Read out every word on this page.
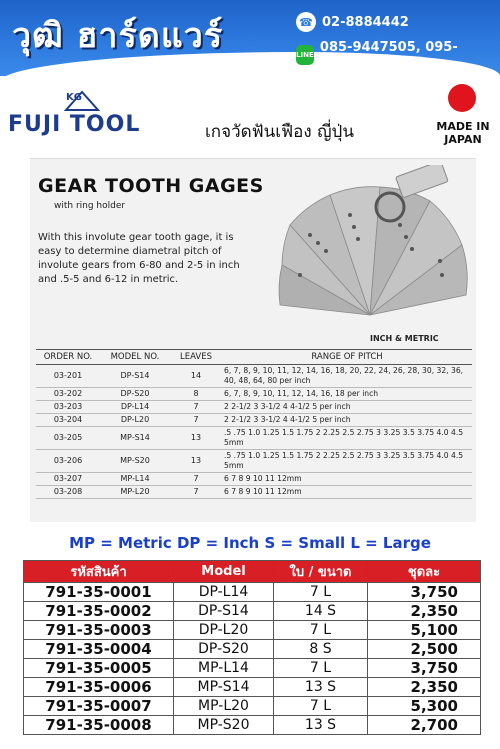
วุฒิ ฮาร์ดแวร์	☎ 02-8884442
LINE 085-9447505, 095-5064680
KG
FUJI TOOL	เกจวัดฟันเฟือง ญี่ปุ่น	MADE IN
JAPAN
GEAR TOOTH GAGES
with ring holder
With this involute gear tooth gage, it is easy to determine diametral pitch of involute gears from 6-80 and 2-5 in inch and .5-5 and 6-12 in metric.
INCH & METRIC
ORDER NO.	MODEL NO.	LEAVES	RANGE OF PITCH
03-201	DP-S14	14	6, 7, 8, 9, 10, 11, 12, 14, 16, 18, 20, 22, 24, 26, 28, 30, 32, 36, 40, 48, 64, 80 per inch
03-202	DP-S20	8	6, 7, 8, 9, 10, 11, 12, 14, 16, 18 per inch
03-203	DP-L14	7	2 2-1/2 3 3-1/2 4 4-1/2 5 per inch
03-204	DP-L20	7	2 2-1/2 3 3-1/2 4 4-1/2 5 per inch
03-205	MP-S14	13	.5 .75 1.0 1.25 1.5 1.75 2 2.25 2.5 2.75 3 3.25 3.5 3.75 4.0 4.5 5mm
03-206	MP-S20	13	.5 .75 1.0 1.25 1.5 1.75 2 2.25 2.5 2.75 3 3.25 3.5 3.75 4.0 4.5 5mm
03-207	MP-L14	7	6 7 8 9 10 11 12mm
03-208	MP-L20	7	6 7 8 9 10 11 12mm
MP = Metric DP = Inch S = Small L = Large
รหัสสินค้า	Model	ใบ / ขนาด	ชุดละ
791-35-0001	DP-L14	7 L	3,750
791-35-0002	DP-S14	14 S	2,350
791-35-0003	DP-L20	7 L	5,100
791-35-0004	DP-S20	8 S	2,500
791-35-0005	MP-L14	7 L	3,750
791-35-0006	MP-S14	13 S	2,350
791-35-0007	MP-L20	7 L	5,300
791-35-0008	MP-S20	13 S	2,700
